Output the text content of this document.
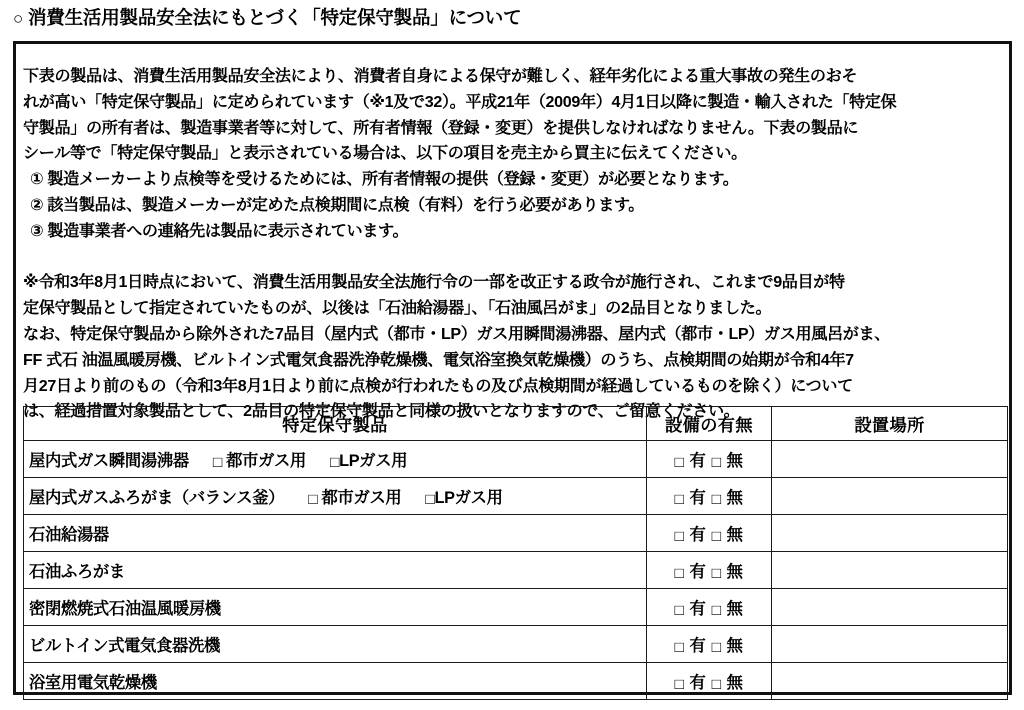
○ 消費生活用製品安全法にもとづく「特定保守製品」について

下表の製品は、消費生活用製品安全法により、消費者自身による保守が難しく、経年劣化による重大事故の発生のおそ

れが高い「特定保守製品」に定められています（※1及で32）。平成21年（2009年）4月1日以降に製造・輸入された「特定保

守製品」の所有者は、製造事業者等に対して、所有者情報（登録・変更）を提供しなければなりません。下表の製品に

シール等で「特定保守製品」と表示されている場合は、以下の項目を売主から買主に伝えてください。

① 製造メーカーより点検等を受けるためには、所有者情報の提供（登録・変更）が必要となります。

② 該当製品は、製造メーカーが定めた点検期間に点検（有料）を行う必要があります。

③ 製造事業者への連絡先は製品に表示されています。

※令和3年8月1日時点において、消費生活用製品安全法施行令の一部を改正する政令が施行され、これまで9品目が特

定保守製品として指定されていたものが、以後は「石油給湯器」、「石油風呂がま」の2品目となりました。

なお、特定保守製品から除外された7品目（屋内式（都市・LP）ガス用瞬間湯沸器、屋内式（都市・LP）ガス用風呂がま、

FF 式石 油温風暖房機、ビルトイン式電気食器洗浄乾燥機、電気浴室換気乾燥機）のうち、点検期間の始期が令和4年7

月27日より前のもの（令和3年8月1日より前に点検が行われたもの及び点検期間が経過しているものを除く）について

は、経過措置対象製品として、2品目の特定保守製品と同様の扱いとなりますので、ご留意ください。

特定保守製品	設備の有無	設置場所
屋内式ガス瞬間湯沸器 □ 都市ガス用 □LPガス用	□ 有 □ 無	
屋内式ガスふろがま（バランス釜） □ 都市ガス用 □LPガス用	□ 有 □ 無	
石油給湯器	□ 有 □ 無	
石油ふろがま	□ 有 □ 無	
密閉燃焼式石油温風暖房機	□ 有 □ 無	
ビルトイン式電気食器洗機	□ 有 □ 無	
浴室用電気乾燥機	□ 有 □ 無	
